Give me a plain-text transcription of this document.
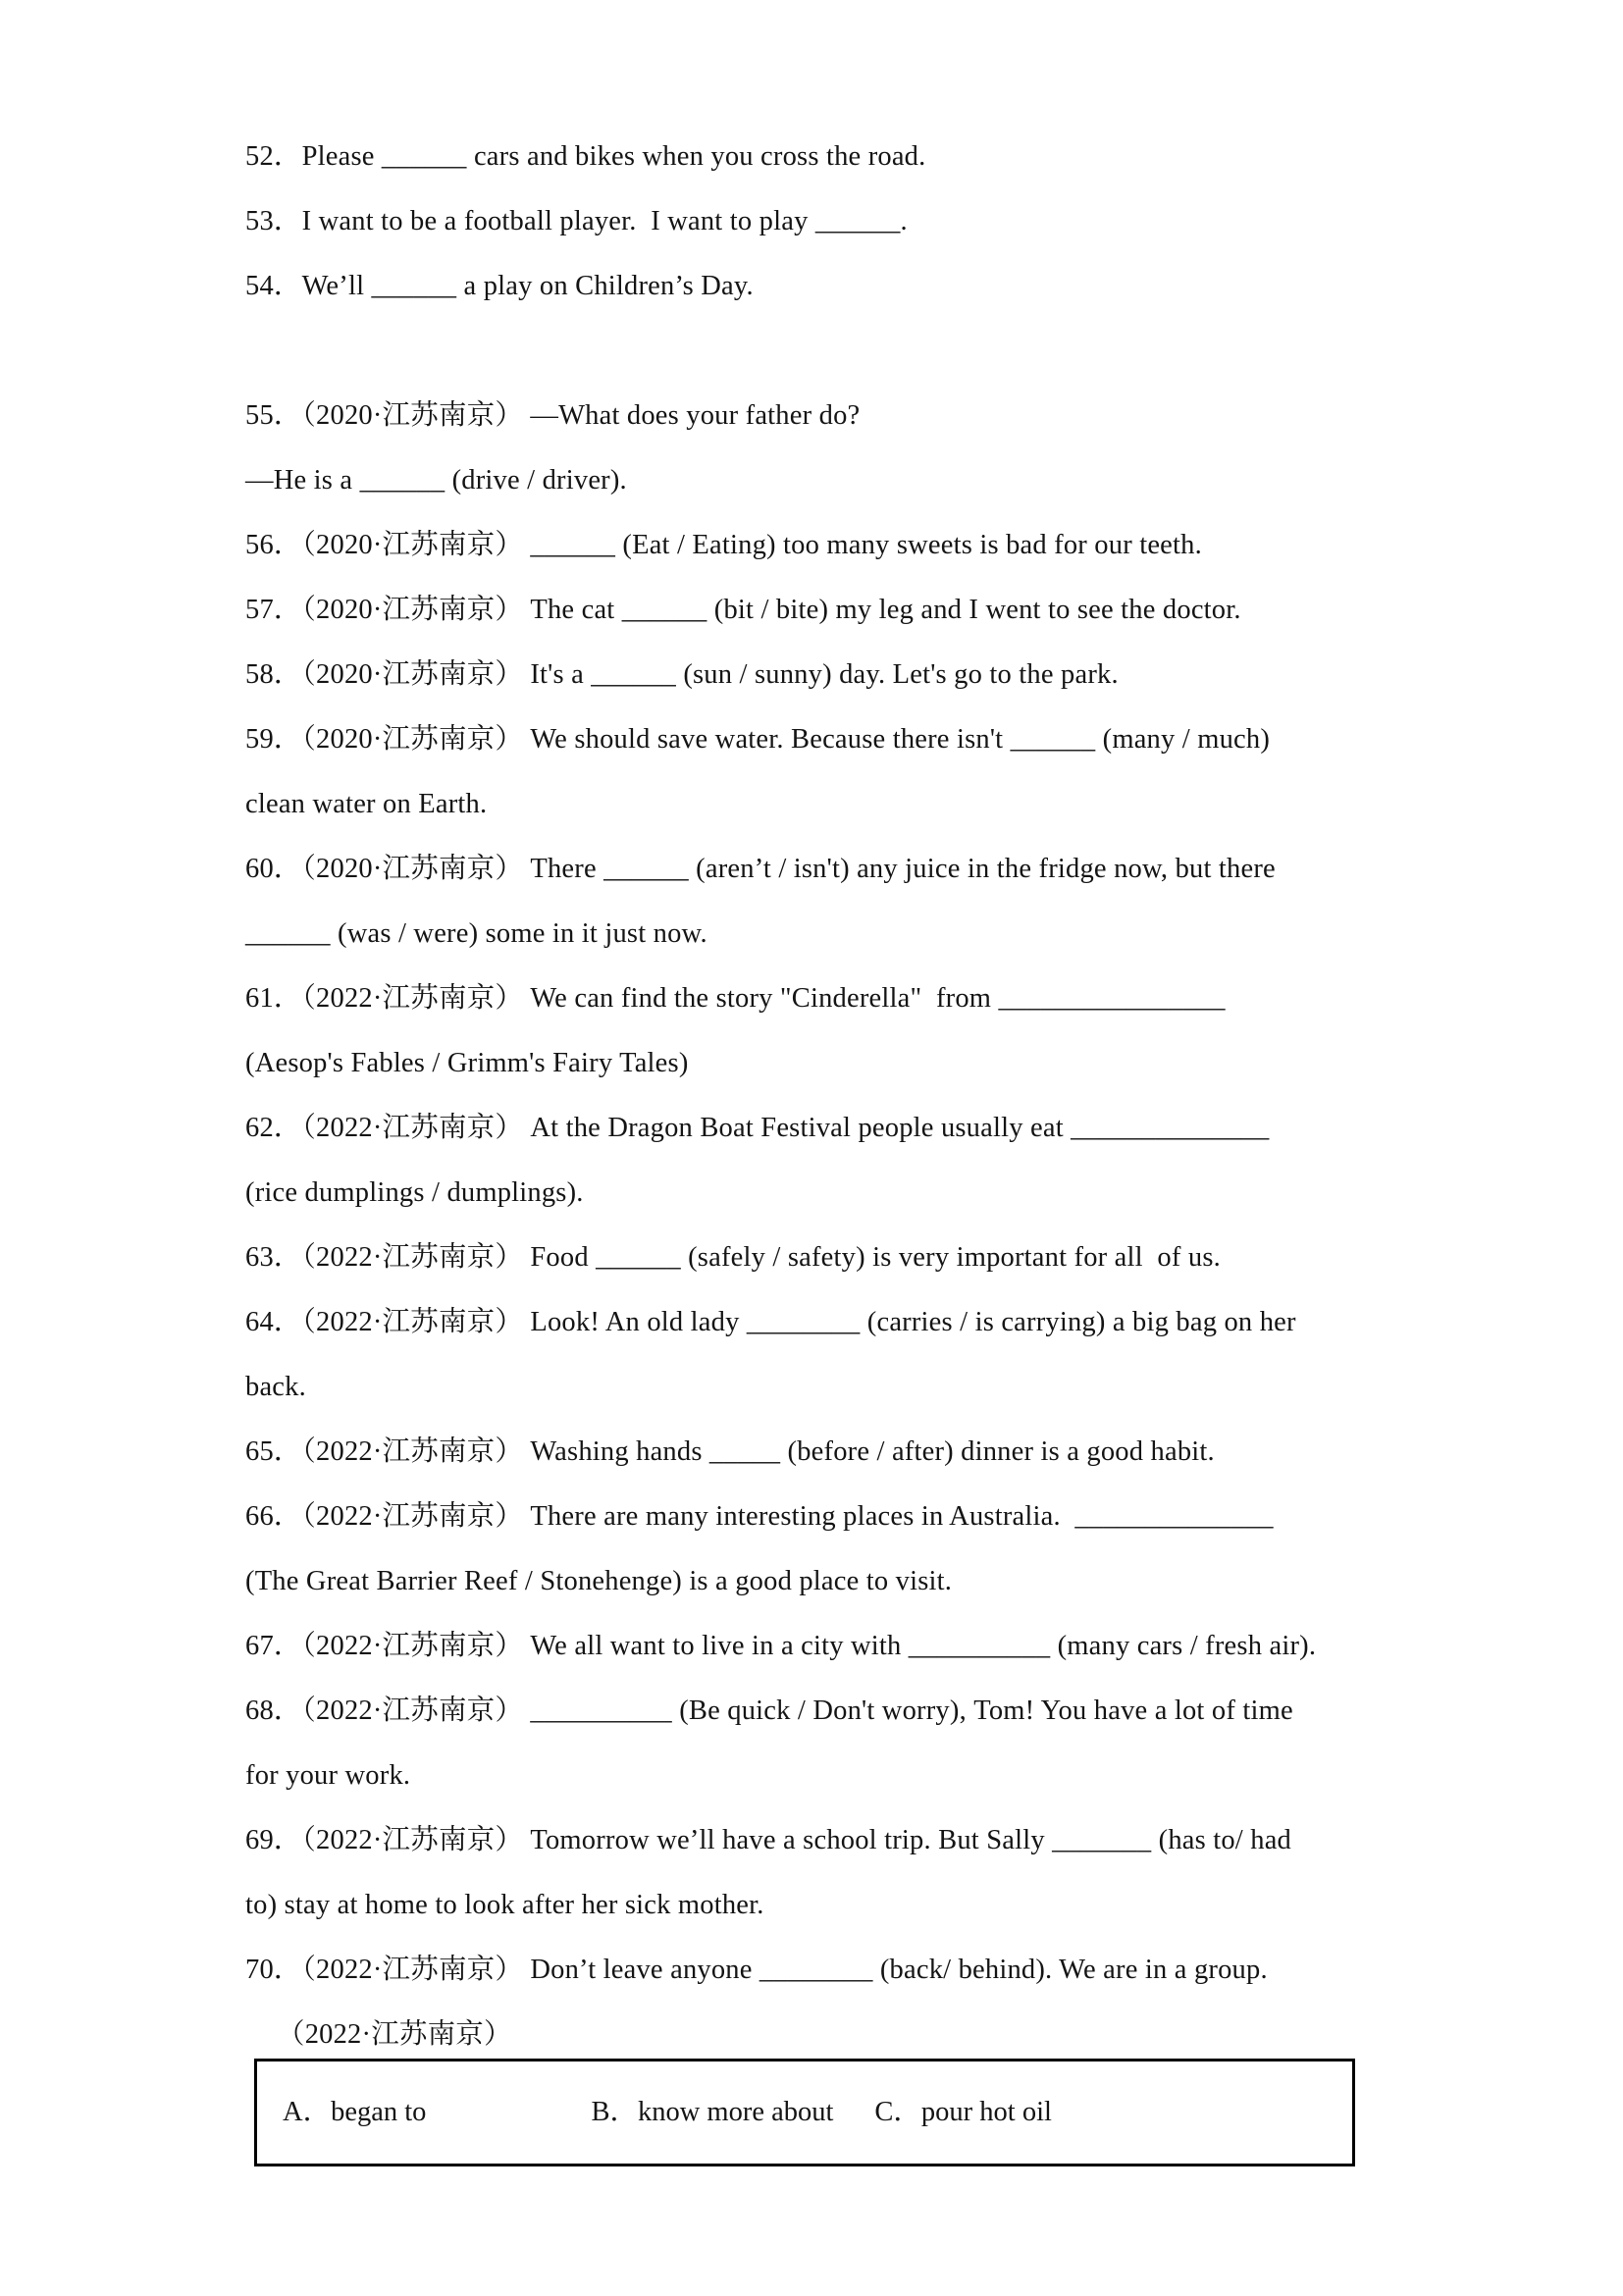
52．Please ______ cars and bikes when you cross the road.
53．I want to be a football player.  I want to play ______.
54．We’ll ______ a play on Children’s Day.
55．（2020·江苏南京） —What does your father do?
—He is a ______ (drive / driver).
56．（2020·江苏南京） ______ (Eat / Eating) too many sweets is bad for our teeth.
57．（2020·江苏南京） The cat ______ (bit / bite) my leg and I went to see the doctor.
58．（2020·江苏南京） It's a ______ (sun / sunny) day. Let's go to the park.
59．（2020·江苏南京） We should save water. Because there isn't ______ (many / much)
clean water on Earth.
60．（2020·江苏南京） There ______ (aren’t / isn't) any juice in the fridge now, but there
______ (was / were) some in it just now.
61．（2022·江苏南京） We can find the story "Cinderella"  from ________________
(Aesop's Fables / Grimm's Fairy Tales)
62．（2022·江苏南京） At the Dragon Boat Festival people usually eat ______________
(rice dumplings / dumplings).
63．（2022·江苏南京） Food ______ (safely / safety) is very important for all  of us.
64．（2022·江苏南京） Look! An old lady ________ (carries / is carrying) a big bag on her
back.
65．（2022·江苏南京） Washing hands _____ (before / after) dinner is a good habit.
66．（2022·江苏南京） There are many interesting places in Australia.  ______________
(The Great Barrier Reef / Stonehenge) is a good place to visit.
67．（2022·江苏南京） We all want to live in a city with __________ (many cars / fresh air).
68．（2022·江苏南京） __________ (Be quick / Don't worry), Tom! You have a lot of time
for your work.
69．（2022·江苏南京） Tomorrow we’ll have a school trip. But Sally _______ (has to/ had
to) stay at home to look after her sick mother.
70．（2022·江苏南京） Don’t leave anyone ________ (back/ behind). We are in a group.
（2022·江苏南京）
A．began to	B．know more about C．pour hot oil
